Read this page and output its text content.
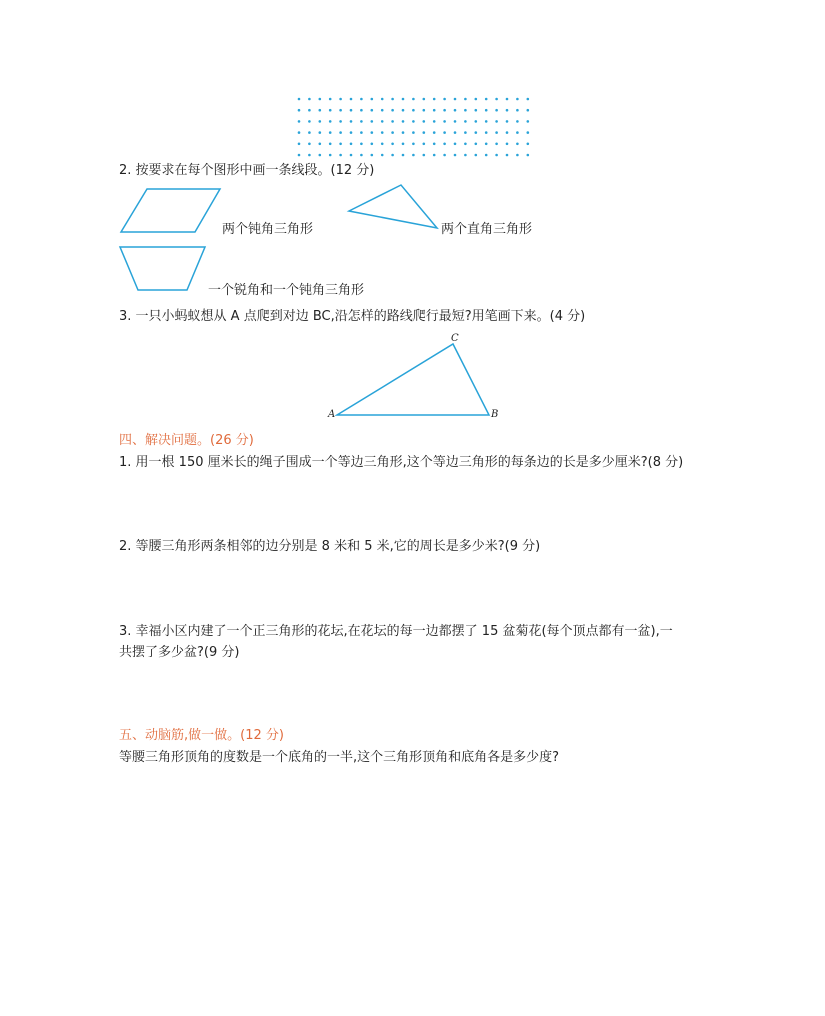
2. 按要求在每个图形中画一条线段。(12 分)
两个钝角三角形	两个直角三角形
一个锐角和一个钝角三角形
3. 一只小蚂蚁想从 A 点爬到对边 BC,沿怎样的路线爬行最短?用笔画下来。(4 分)
A	B
C
四、解决问题。(26 分)
1. 用一根 150 厘米长的绳子围成一个等边三角形,这个等边三角形的每条边的长是多少厘米?(8 分)
2. 等腰三角形两条相邻的边分别是 8 米和 5 米,它的周长是多少米?(9 分)
3. 幸福小区内建了一个正三角形的花坛,在花坛的每一边都摆了 15 盆菊花(每个顶点都有一盆),一
共摆了多少盆?(9 分)
五、动脑筋,做一做。(12 分)
等腰三角形顶角的度数是一个底角的一半,这个三角形顶角和底角各是多少度?
